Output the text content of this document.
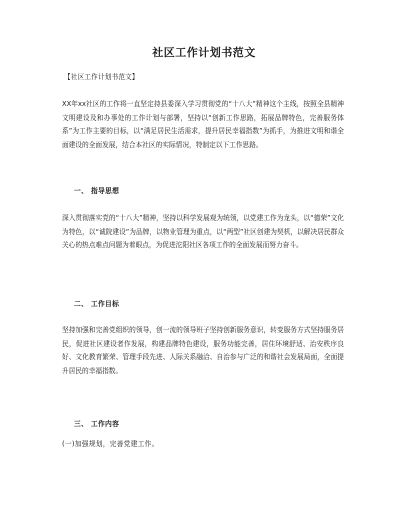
社区工作计划书范文
【社区工作计划书范文】
XX年xx社区的工作将一直坚定持县委深入学习贯彻党的“十八大”精神这个主线，按照全县精神文明建设及和办事处的工作计划与部署，坚持以“创新工作思路，拓展品牌特色，完善服务体系”为工作主要的目标，以“满足居民生活需求，提升居民幸福指数”为抓手，为推进文明和谐全面建设的全面发展，结合本社区的实际情况，特制定以下工作思路。
一、 指导思想
深入贯彻落实党的“十八大”精神，坚持以科学发展观为统领，以党建工作为龙头，以“德荣”文化为特色，以“诚院建设”为品牌，以物业管理为重点，以“两型”社区创建为契机，以解决居民群众关心的热点难点问题为着眼点，为促进沱阳社区各项工作的全面发展而努力奋斗。
二、 工作目标
坚持加强和完善党组织的领导，创一流的领导班子坚持创新服务意识，转变服务方式坚持服务居民，促进社区建设者作发展，构建品牌特色建设，服务功能完善，居住环境舒适、治安秩序良好、文化教育繁荣、管理手段先进、人际关系融洽、自治参与广泛的和谐社会发展局面，全面提升居民的幸福指数。
三、 工作内容
(一)加强规划，完善党建工作。
